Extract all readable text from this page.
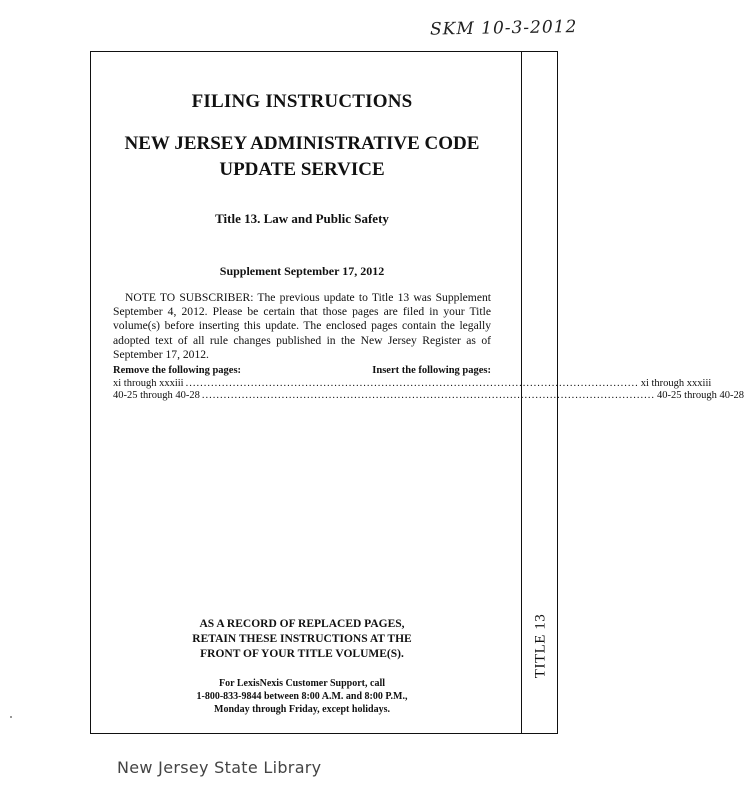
SKM 10-3-2012
TITLE 13
FILING INSTRUCTIONS
NEW JERSEY ADMINISTRATIVE CODE
UPDATE SERVICE
Title 13. Law and Public Safety
Supplement September 17, 2012
NOTE TO SUBSCRIBER: The previous update to Title 13 was Supplement September 4, 2012. Please be certain that those pages are filed in your Title volume(s) before inserting this update. The enclosed pages contain the legally adopted text of all rule changes published in the New Jersey Register as of September 17, 2012.
Remove the following pages:	Insert the following pages:
xi through xxxiii ............................................................................................................................. xi through xxxiii
40-25 through 40-28 ............................................................................................................................. 40-25 through 40-28
AS A RECORD OF REPLACED PAGES,
RETAIN THESE INSTRUCTIONS AT THE
FRONT OF YOUR TITLE VOLUME(S).
For LexisNexis Customer Support, call
1-800-833-9844 between 8:00 A.M. and 8:00 P.M.,
Monday through Friday, except holidays.
New Jersey State Library
